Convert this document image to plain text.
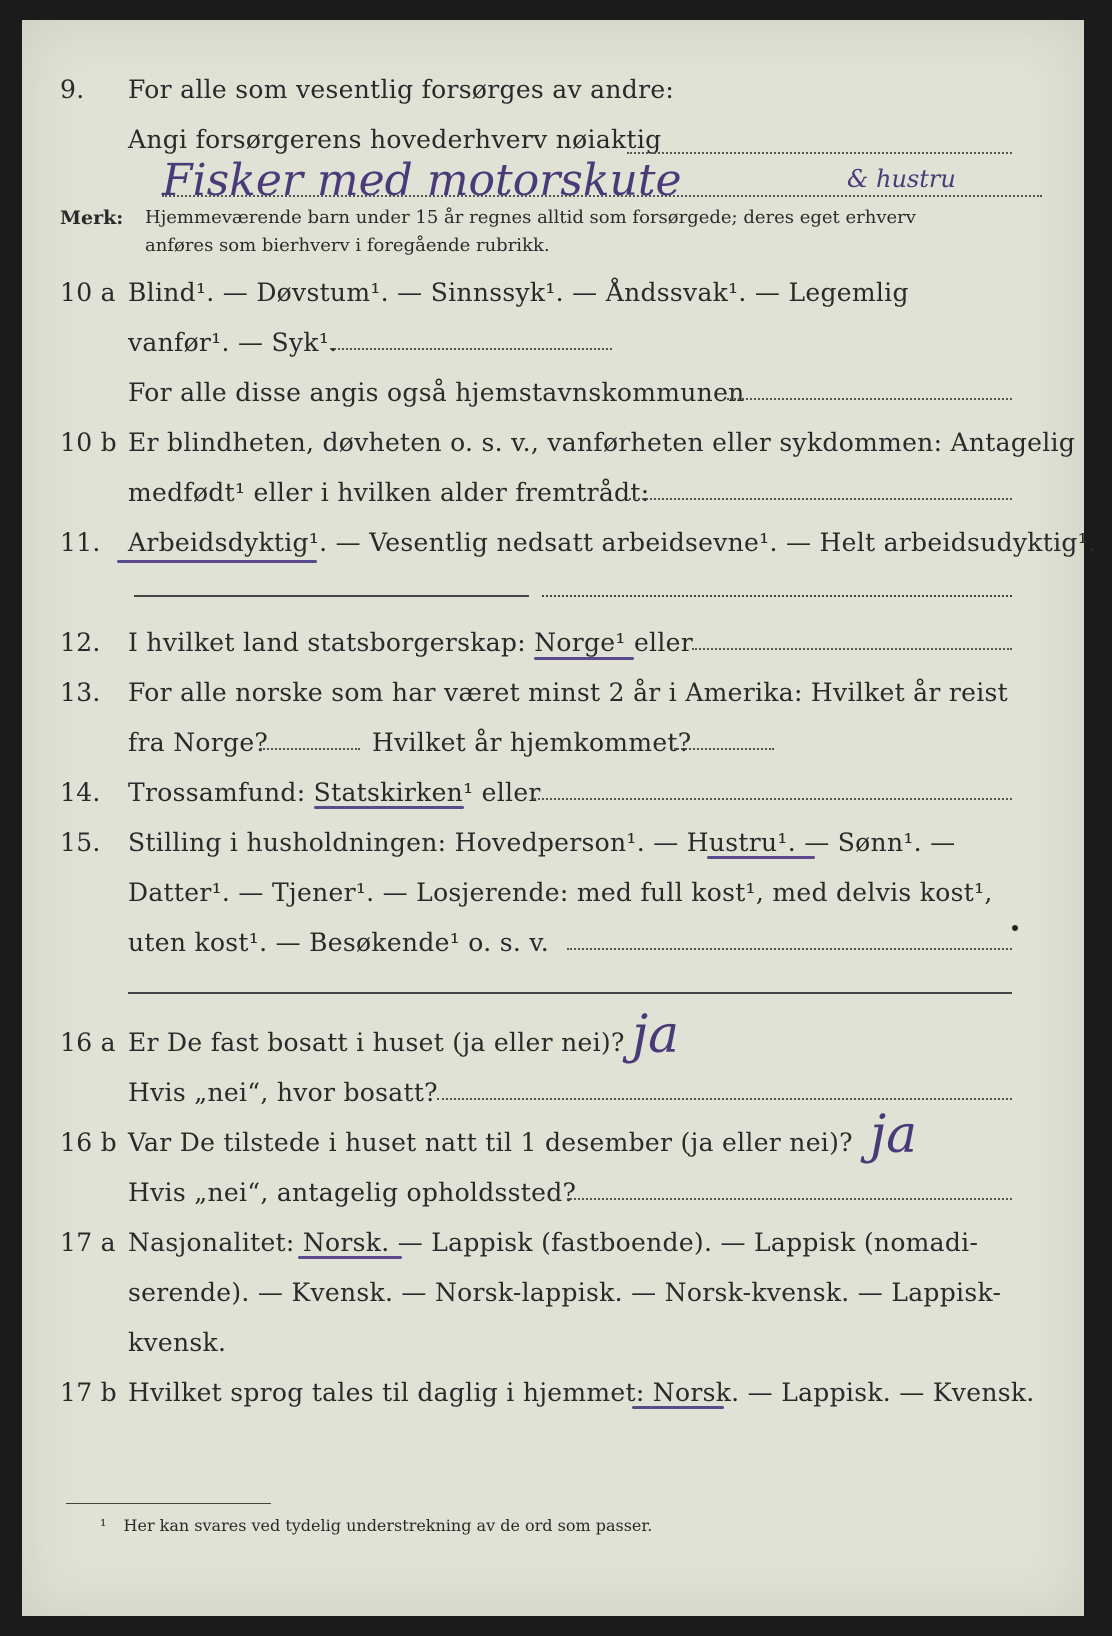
9. For alle som vesentlig forsørges av andre:
Angi forsørgerens hovederhverv nøiaktig
Fisker med motorskute	& hustru
Merk: Hjemmeværende barn under 15 år regnes alltid som forsørgede; deres eget erhverv
anføres som bierhverv i foregående rubrikk.
10 a Blind¹. — Døvstum¹. — Sinnssyk¹. — Åndssvak¹. — Legemlig
vanfør¹. — Syk¹.
For alle disse angis også hjemstavnskommunen
10 b Er blindheten, døvheten o. s. v., vanførheten eller sykdommen: Antagelig
medfødt¹ eller i hvilken alder fremtrådt:
11. Arbeidsdyktig¹. — Vesentlig nedsatt arbeidsevne¹. — Helt arbeidsudyktig¹.
12. I hvilket land statsborgerskap: Norge¹ eller
13. For alle norske som har været minst 2 år i Amerika: Hvilket år reist
fra Norge?	Hvilket år hjemkommet?
14. Trossamfund: Statskirken¹ eller
15. Stilling i husholdningen: Hovedperson¹. — Hustru¹. — Sønn¹. —
Datter¹. — Tjener¹. — Losjerende: med full kost¹, med delvis kost¹,
uten kost¹. — Besøkende¹ o. s. v.
16 a Er De fast bosatt i huset (ja eller nei)? ja
Hvis „nei“, hvor bosatt?
16 b Var De tilstede i huset natt til 1 desember (ja eller nei)? ja
Hvis „nei“, antagelig opholdssted?
17 a Nasjonalitet: Norsk. — Lappisk (fastboende). — Lappisk (nomadi-
serende). — Kvensk. — Norsk-lappisk. — Norsk-kvensk. — Lappisk-
kvensk.
17 b Hvilket sprog tales til daglig i hjemmet: Norsk. — Lappisk. — Kvensk.
¹ Her kan svares ved tydelig understrekning av de ord som passer.
